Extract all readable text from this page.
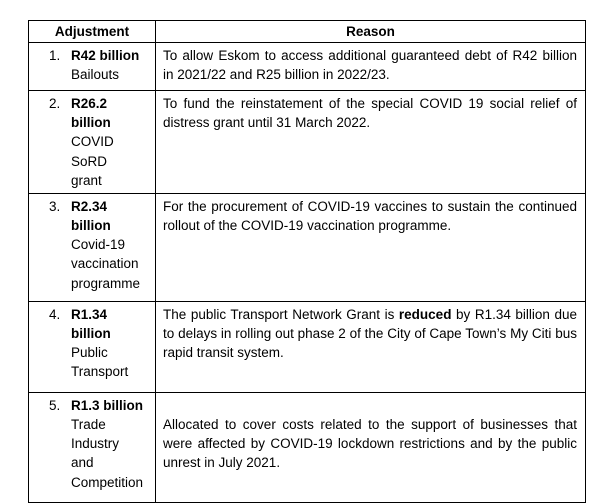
Adjustment	Reason

1. R42 billion
Bailouts	To allow Eskom to access additional guaranteed debt of R42 billion in 2021/22 and R25 billion in 2022/23.

2. R26.2
billion
COVID SoRD
grant	To fund the reinstatement of the special COVID 19 social relief of distress grant until 31 March 2022.

3. R2.34
billion
Covid-19
vaccination
programme
	For the procurement of COVID-19 vaccines to sustain the continued rollout of the COVID-19 vaccination programme.

4. R1.34
billion
Public
Transport	The public Transport Network Grant is reduced by R1.34 billion due to delays in rolling out phase 2 of the City of Cape Town’s My Citi bus rapid transit system.

5. R1.3 billion
Trade
Industry
and
Competition
	Allocated to cover costs related to the support of businesses that were affected by COVID-19 lockdown restrictions and by the public unrest in July 2021.
